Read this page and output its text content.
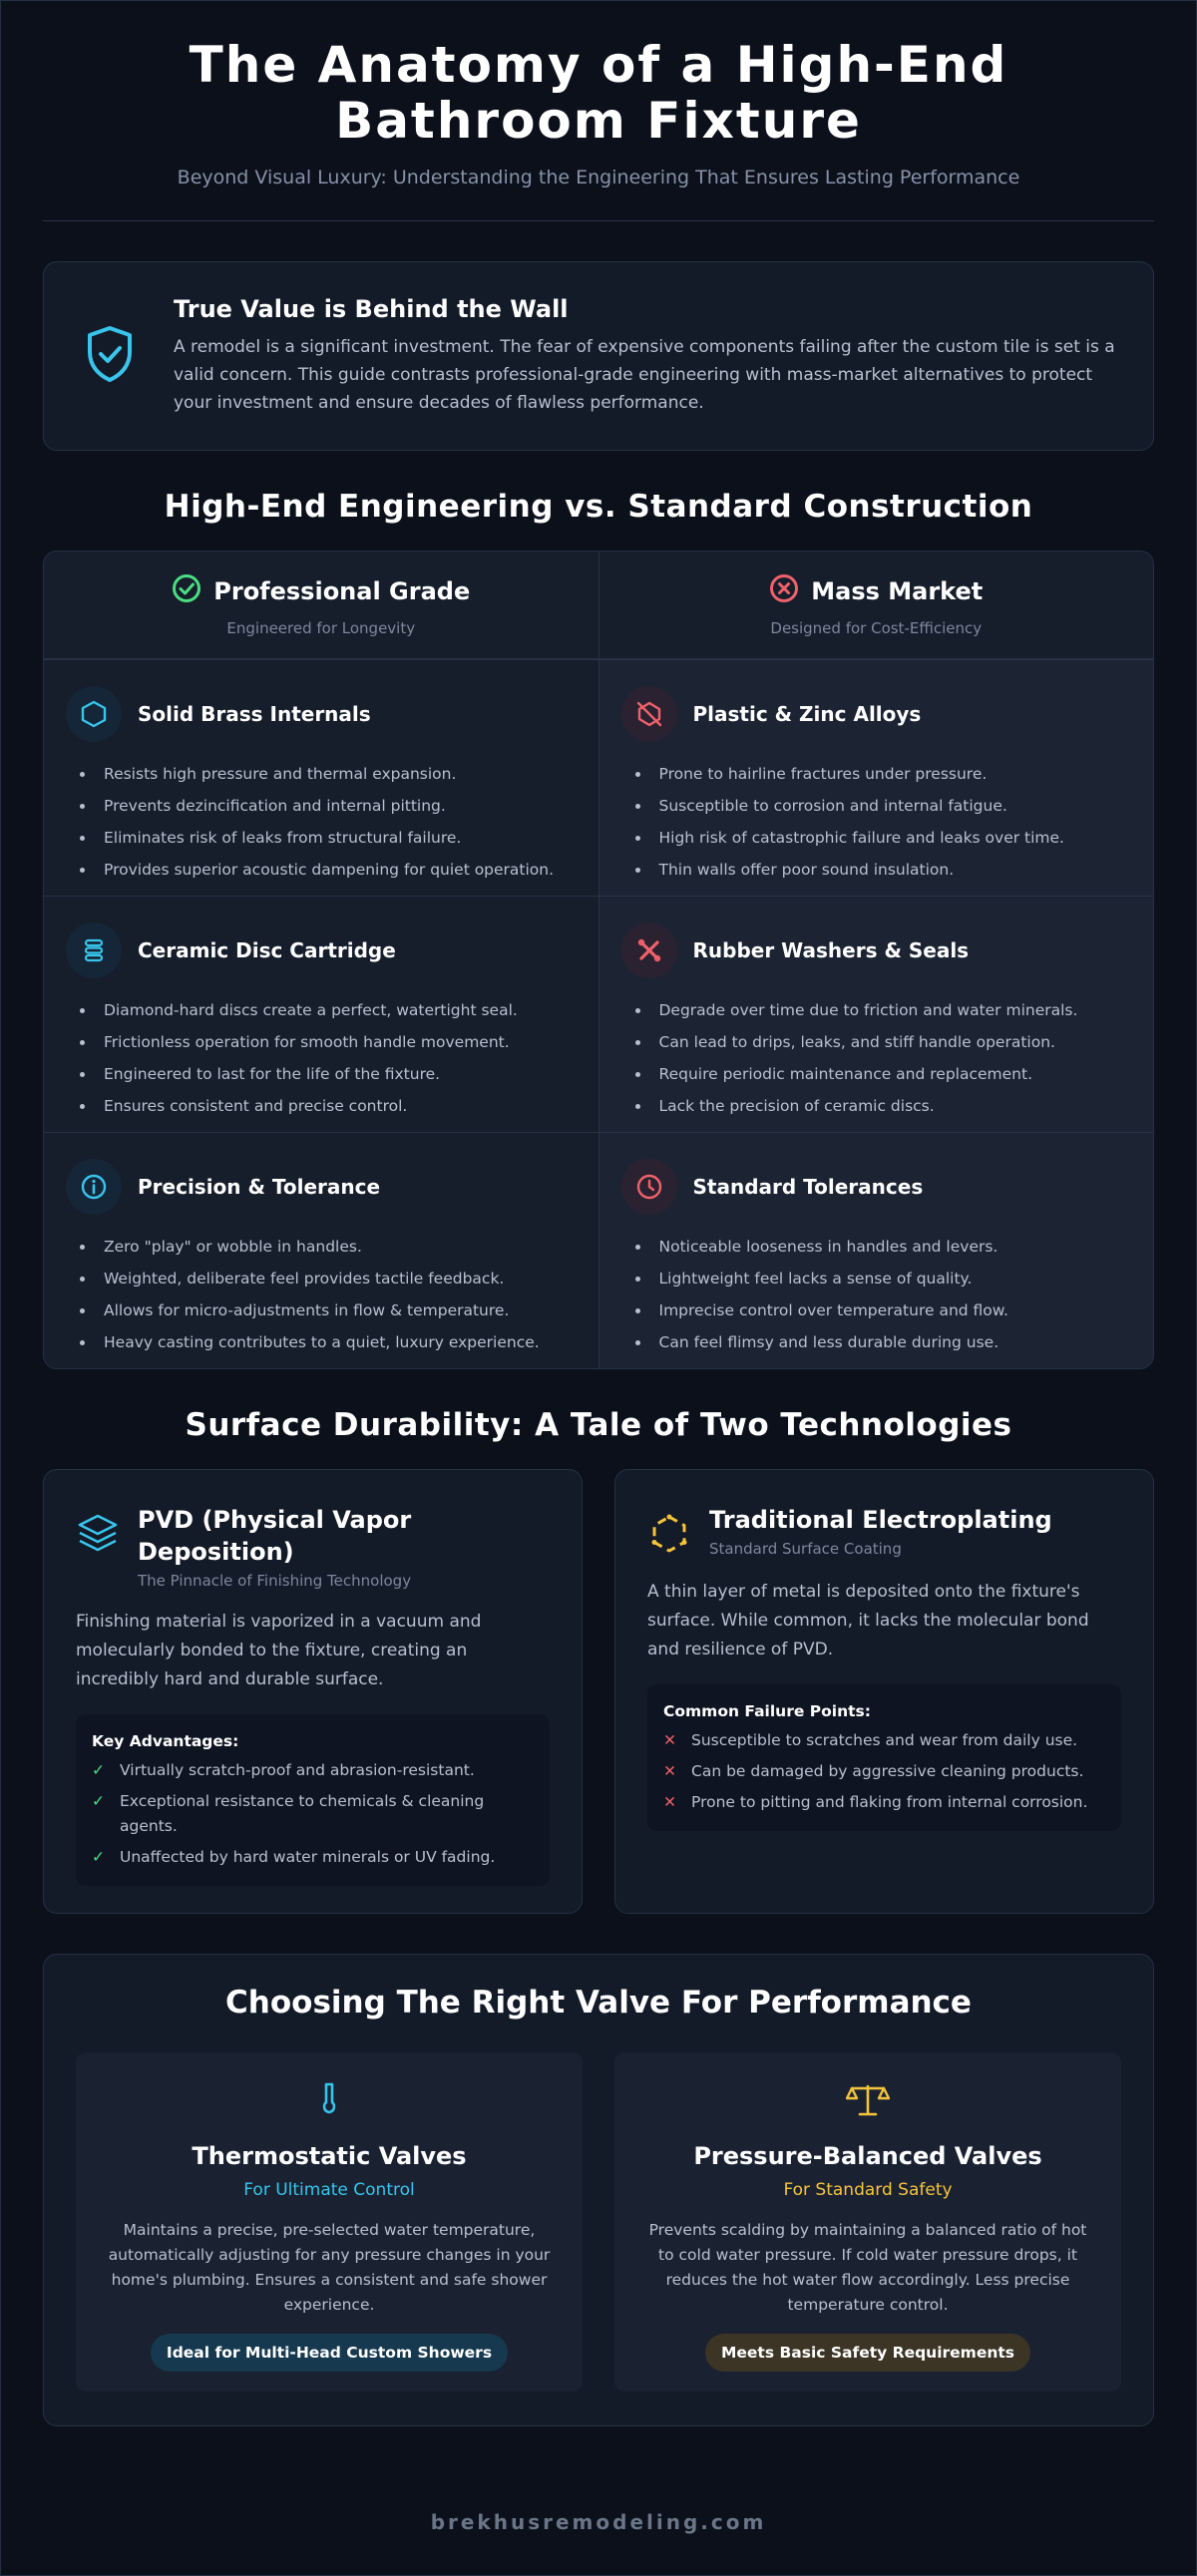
The Anatomy of a High-End Bathroom Fixture
Beyond Visual Luxury: Understanding the Engineering That Ensures Lasting Performance
True Value is Behind the Wall

A remodel is a significant investment. The fear of expensive components failing after the custom tile is set is a valid concern. This guide contrasts professional-grade engineering with mass-market alternatives to protect your investment and ensure decades of flawless performance.

High-End Engineering vs. Standard Construction
Professional Grade
Engineered for Longevity
Mass Market
Designed for Cost-Efficiency
Solid Brass Internals
Resists high pressure and thermal expansion.
Prevents dezincification and internal pitting.
Eliminates risk of leaks from structural failure.
Provides superior acoustic dampening for quiet operation.
Plastic & Zinc Alloys
Prone to hairline fractures under pressure.
Susceptible to corrosion and internal fatigue.
High risk of catastrophic failure and leaks over time.
Thin walls offer poor sound insulation.
Ceramic Disc Cartridge
Diamond-hard discs create a perfect, watertight seal.
Frictionless operation for smooth handle movement.
Engineered to last for the life of the fixture.
Ensures consistent and precise control.
Rubber Washers & Seals
Degrade over time due to friction and water minerals.
Can lead to drips, leaks, and stiff handle operation.
Require periodic maintenance and replacement.
Lack the precision of ceramic discs.
Precision & Tolerance
Zero "play" or wobble in handles.
Weighted, deliberate feel provides tactile feedback.
Allows for micro-adjustments in flow & temperature.
Heavy casting contributes to a quiet, luxury experience.
Standard Tolerances
Noticeable looseness in handles and levers.
Lightweight feel lacks a sense of quality.
Imprecise control over temperature and flow.
Can feel flimsy and less durable during use.
Surface Durability: A Tale of Two Technologies
PVD (Physical Vapor Deposition)
The Pinnacle of Finishing Technology

Finishing material is vaporized in a vacuum and molecularly bonded to the fixture, creating an incredibly hard and durable surface.

Key Advantages:
✓ Virtually scratch-proof and abrasion-resistant.
✓ Exceptional resistance to chemicals & cleaning agents.
✓ Unaffected by hard water minerals or UV fading.
Traditional Electroplating
Standard Surface Coating

A thin layer of metal is deposited onto the fixture's surface. While common, it lacks the molecular bond and resilience of PVD.

Common Failure Points:
✕ Susceptible to scratches and wear from daily use.
✕ Can be damaged by aggressive cleaning products.
✕ Prone to pitting and flaking from internal corrosion.
Choosing The Right Valve For Performance
Thermostatic Valves
For Ultimate Control

Maintains a precise, pre-selected water temperature, automatically adjusting for any pressure changes in your home's plumbing. Ensures a consistent and safe shower experience.

Ideal for Multi-Head Custom Showers
Pressure-Balanced Valves
For Standard Safety

Prevents scalding by maintaining a balanced ratio of hot to cold water pressure. If cold water pressure drops, it reduces the hot water flow accordingly. Less precise temperature control.

Meets Basic Safety Requirements
brekhusremodeling.com
